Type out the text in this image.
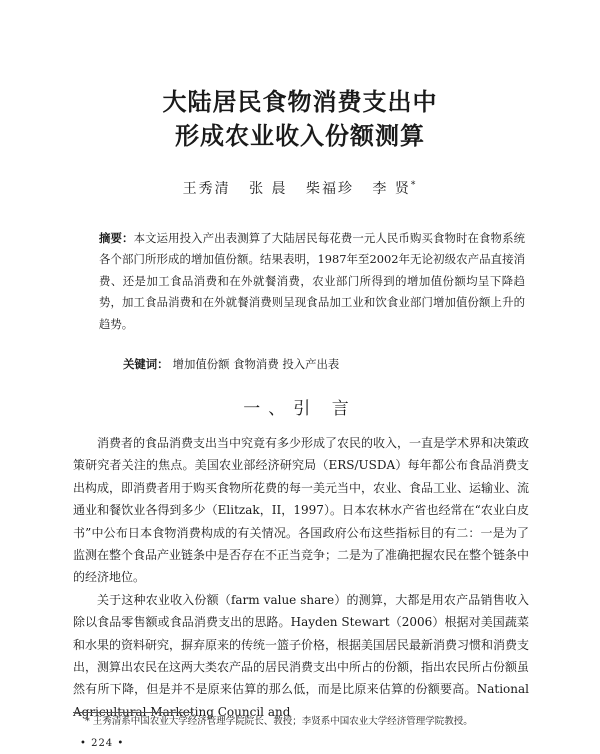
大陆居民食物消费支出中
形成农业收入份额测算
王秀清 张 晨 柴福珍 李 贤*
摘要：本文运用投入产出表测算了大陆居民每花费一元人民币购买食物时在食物系统各个部门所形成的增加值份额。结果表明，1987年至2002年无论初级农产品直接消费、还是加工食品消费和在外就餐消费，农业部门所得到的增加值份额均呈下降趋势，加工食品消费和在外就餐消费则呈现食品加工业和饮食业部门增加值份额上升的趋势。
关键词： 增加值份额 食物消费 投入产出表
一、引 言

消费者的食品消费支出当中究竟有多少形成了农民的收入，一直是学术界和决策政策研究者关注的焦点。美国农业部经济研究局（ERS/USDA）每年都公布食品消费支出构成，即消费者用于购买食物所花费的每一美元当中，农业、食品工业、运输业、流通业和餐饮业各得到多少（Elitzak，II，1997）。日本农林水产省也经常在“农业白皮书”中公布日本食物消费构成的有关情况。各国政府公布这些指标目的有二：一是为了监测在整个食品产业链条中是否存在不正当竞争；二是为了准确把握农民在整个链条中的经济地位。

关于这种农业收入份额（farm value share）的测算，大都是用农产品销售收入除以食品零售额或食品消费支出的思路。Hayden Stewart（2006）根据对美国蔬菜和水果的资料研究，摒弃原来的传统一篮子价格，根据美国居民最新消费习惯和消费支出，测算出农民在这两大类农产品的居民消费支出中所占的份额，指出农民所占份额虽然有所下降，但是并不是原来估算的那么低，而是比原来估算的份额要高。National Agricultural Marketing Council and

* 王秀清系中国农业大学经济管理学院院长、教授；李贤系中国农业大学经济管理学院教授。
• 224 •
